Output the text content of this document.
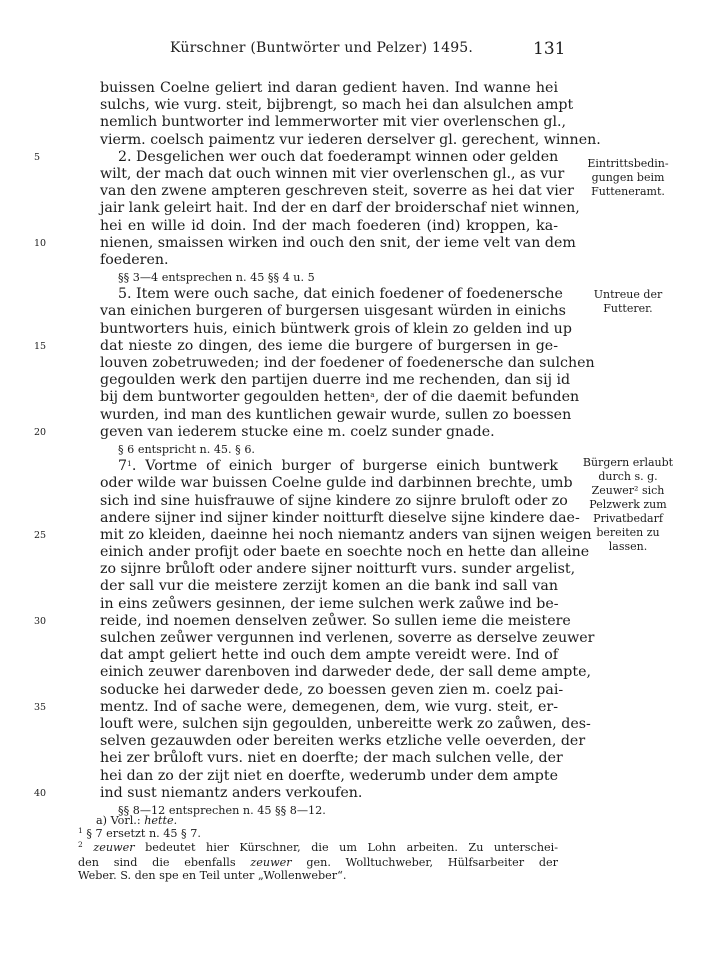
Kürschner (Buntwörter und Pelzer) 1495.	131
buissen Coelne geliert ind daran gedient haven. Ind wanne hei
sulchs, wie vurg. steit, bijbrengt, so mach hei dan alsulchen ampt
nemlich buntworter ind lemmerworter mit vier overlenschen gl.,
vierm. coelsch paimentz vur iederen derselver gl. gerechent, winnen.
5	2. Desgelichen wer ouch dat foederampt winnen oder gelden
wilt, der mach dat ouch winnen mit vier overlenschen gl., as vur
van den zwene ampteren geschreven steit, soverre as hei dat vier
jair lank geleirt hait. Ind der en darf der broiderschaf niet winnen,
hei en wille id doin. Ind der mach foederen (ind) kroppen, ka-
10	nienen, smaissen wirken ind ouch den snit, der ieme velt van dem
foederen.
§§ 3—4 entsprechen n. 45 §§ 4 u. 5
5. Item were ouch sache, dat einich foedener of foedenersche
van einichen burgeren of burgersen uisgesant würden in einichs
buntworters huis, einich büntwerk grois of klein zo gelden ind up
15	dat nieste zo dingen, des ieme die burgere of burgersen in ge-
louven zobetruweden; ind der foedener of foedenersche dan sulchen
gegoulden werk den partijen duerre ind me rechenden, dan sij id
bij dem buntworter gegoulden hetten$^a$, der of die daemit befunden
wurden, ind man des kuntlichen gewair wurde, sullen zo boessen
20	geven van iederem stucke eine m. coelz sunder gnade.
§ 6 entspricht n. 45. § 6.
$7^1$. Vortme of einich burger of burgerse einich buntwerk
oder wilde war buissen Coelne gulde ind darbinnen brechte, umb
sich ind sine huisfrauwe of sijne kindere zo sijnre bruloft oder zo
andere sijner ind sijner kinder noitturft dieselve sijne kindere dae-
25	mit zo kleiden, daeinne hei noch niemantz anders van sijnen weigen
einich ander profijt oder baete en soechte noch en hette dan alleine
zo sijnre brůloft oder andere sijner noitturft vurs. sunder argelist,
der sall vur die meistere zerzijt komen an die bank ind sall van
in eins zeůwers gesinnen, der ieme sulchen werk zaůwe ind be-
30	reide, ind noemen denselven zeůwer. So sullen ieme die meistere
sulchen zeůwer vergunnen ind verlenen, soverre as derselve zeuwer
dat ampt geliert hette ind ouch dem ampte vereidt were. Ind of
einich zeuwer darenboven ind darweder dede, der sall deme ampte,
soducke hei darweder dede, zo boessen geven zien m. coelz pai-
35	mentz. Ind of sache were, demegenen, dem, wie vurg. steit, er-
louft were, sulchen sijn gegoulden, unbereitte werk zo zaůwen, des-
selven gezauwden oder bereiten werks etzliche velle oeverden, der
hei zer brůloft vurs. niet en doerfte; der mach sulchen velle, der
hei dan zo der zijt niet en doerfte, wederumb under dem ampte
40	ind sust niemantz anders verkoufen.
§§ 8—12 entsprechen n. 45 §§ 8—12.
Eintrittsbedin-
gungen beim
Futteneramt.
Untreue der
Futterer.
Bürgern erlaubt
durch s. g.
Zeuwer² sich
Pelzwerk zum
Privatbedarf
bereiten zu
lassen.
a) Vorl.: hette.
$^1$ § 7 ersetzt n. 45 § 7.
$^2$ zeuwer bedeutet hier Kürschner, die um Lohn arbeiten. Zu unterschei-
den sind die ebenfalls zeuwer gen. Wolltuchweber, Hülfsarbeiter der
Weber. S. den spe en Teil unter „Wollenweber“.
